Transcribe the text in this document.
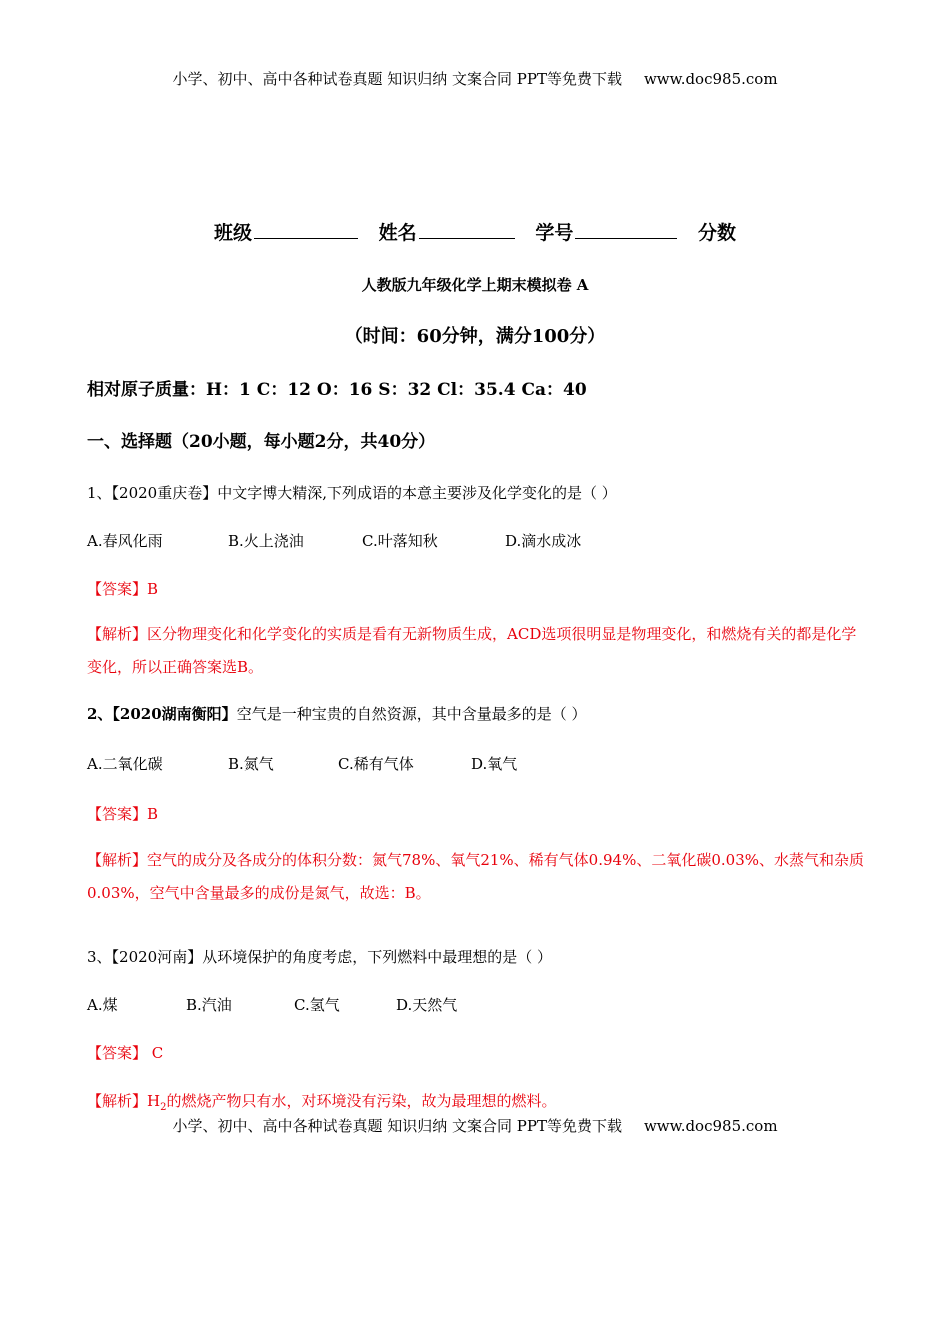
小学、初中、高中各种试卷真题 知识归纳 文案合同 PPT等免费下载 www.doc985.com
班级	姓名	学号	分数
人教版九年级化学上期末模拟卷 A
（时间：60分钟，满分100分）
相对原子质量：H：1 C：12 O：16 S：32 Cl：35.4 Ca：40
一、选择题（20小题，每小题2分，共40分）
1、【2020重庆卷】中文字博大精深,下列成语的本意主要涉及化学变化的是（ ）
A.春风化雨	B.火上浇油	C.叶落知秋	D.滴水成冰
【答案】B
【解析】区分物理变化和化学变化的实质是看有无新物质生成，ACD选项很明显是物理变化，和燃烧有关的都是化学变化，所以正确答案选B。
2、【2020湖南衡阳】空气是一种宝贵的自然资源，其中含量最多的是（ ）
A.二氧化碳	B.氮气	C.稀有气体	D.氧气
【答案】B
【解析】空气的成分及各成分的体积分数：氮气78%、氧气21%、稀有气体0.94%、二氧化碳0.03%、水蒸气和杂质0.03%，空气中含量最多的成份是氮气，故选：B。
3、【2020河南】从环境保护的角度考虑，下列燃料中最理想的是（ ）
A.煤	B.汽油	C.氢气	D.天然气
【答案】 C
【解析】$H_2$的燃烧产物只有水，对环境没有污染，故为最理想的燃料。
小学、初中、高中各种试卷真题 知识归纳 文案合同 PPT等免费下载 www.doc985.com
